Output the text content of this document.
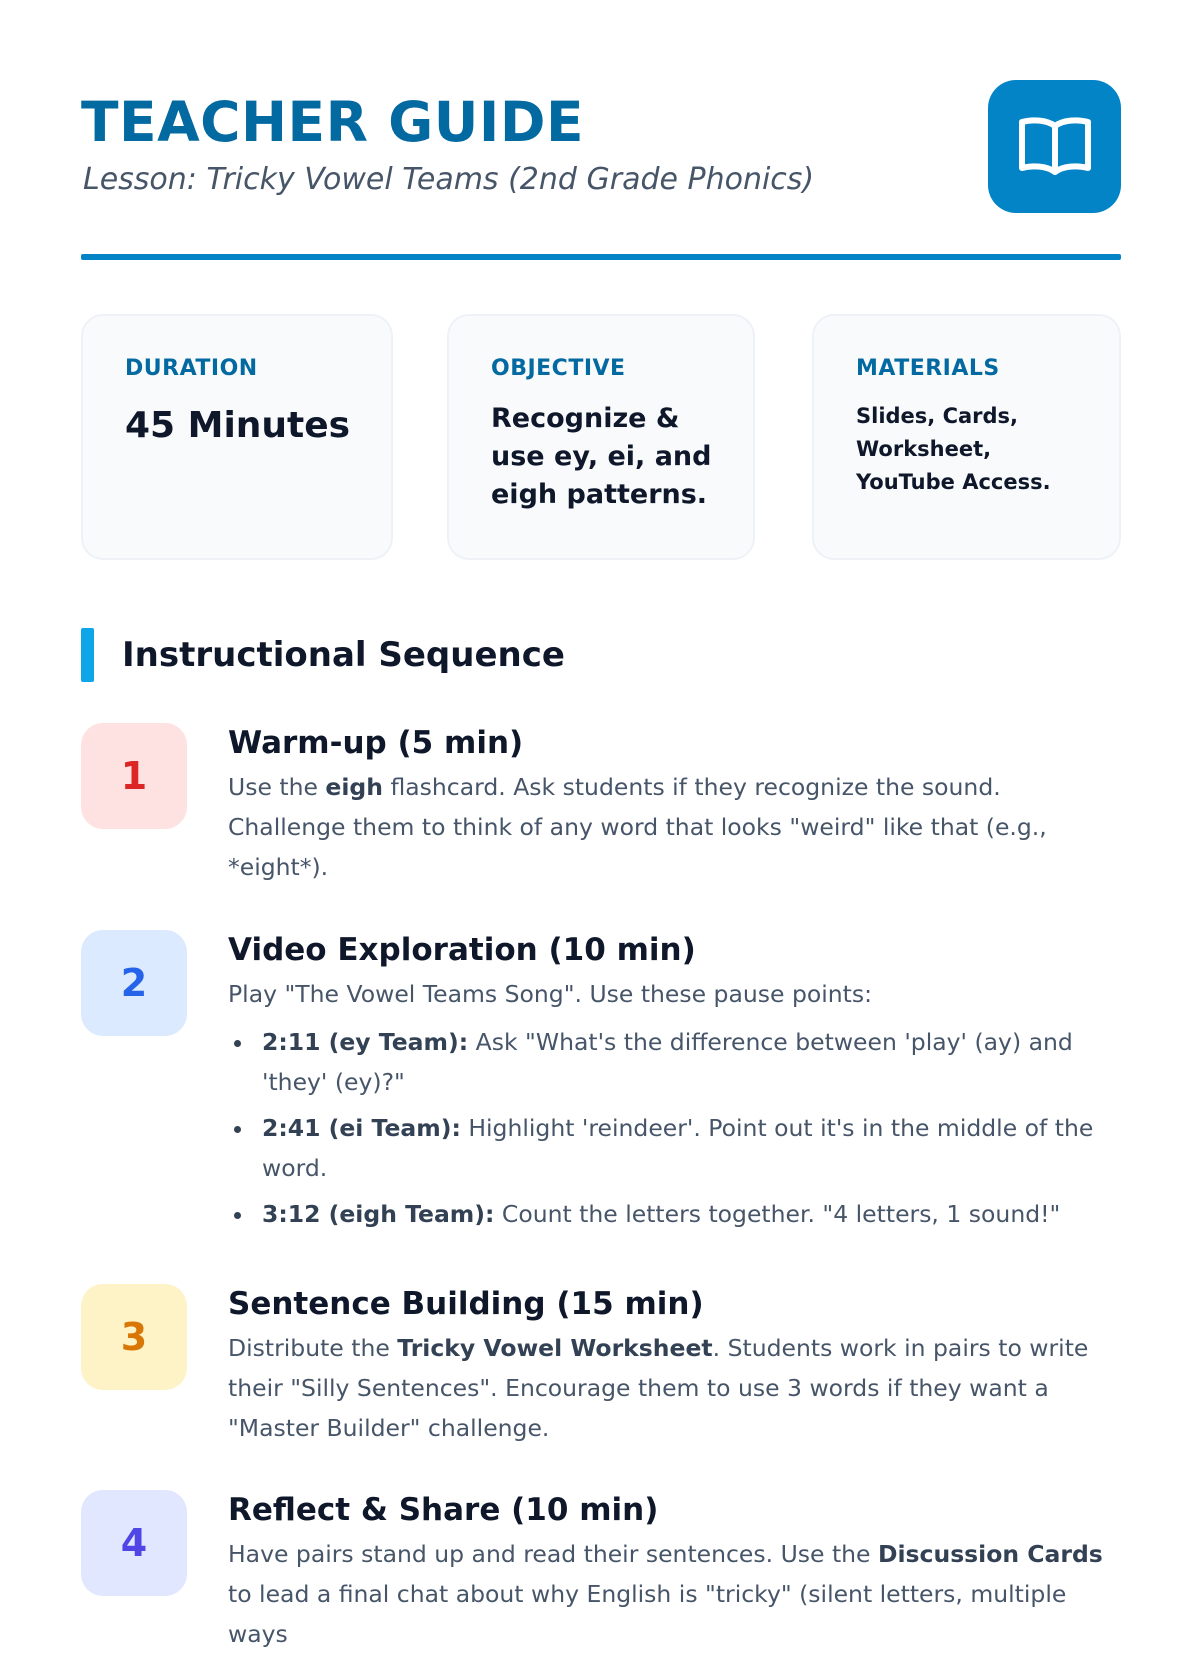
TEACHER GUIDE
Lesson: Tricky Vowel Teams (2nd Grade Phonics)
DURATION
45 Minutes
OBJECTIVE
Recognize & use ey, ei, and eigh patterns.
MATERIALS
Slides, Cards, Worksheet, YouTube Access.
Instructional Sequence
1
Warm-up (5 min)
Use the eigh flashcard. Ask students if they recognize the sound. Challenge them to think of any word that looks "weird" like that (e.g., *eight*).
2
Video Exploration (10 min)
Play "The Vowel Teams Song". Use these pause points:
2:11 (ey Team): Ask "What's the difference between 'play' (ay) and 'they' (ey)?"
2:41 (ei Team): Highlight 'reindeer'. Point out it's in the middle of the word.
3:12 (eigh Team): Count the letters together. "4 letters, 1 sound!"
3
Sentence Building (15 min)
Distribute the Tricky Vowel Worksheet. Students work in pairs to write their "Silly Sentences". Encourage them to use 3 words if they want a "Master Builder" challenge.
4
Reflect & Share (10 min)
Have pairs stand up and read their sentences. Use the Discussion Cards to lead a final chat about why English is "tricky" (silent letters, multiple ways
